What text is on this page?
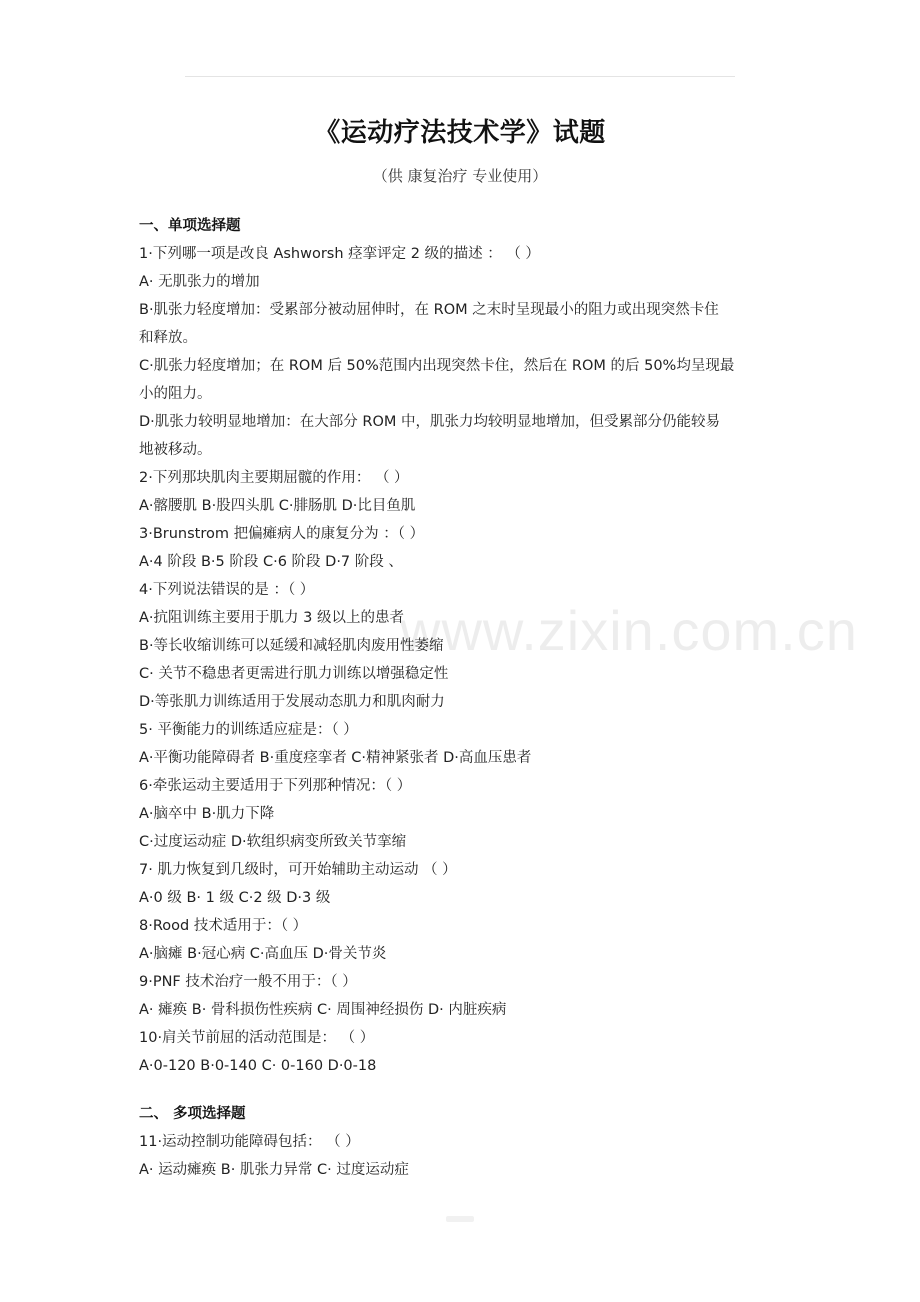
《运动疗法技术学》试题
（供 康复治疗 专业使用）
一、单项选择题
1·下列哪一项是改良 Ashworsh 痉挛评定 2 级的描述 ： （ ）
A· 无肌张力的增加
B·肌张力轻度增加：受累部分被动屈伸时，在 ROM 之末时呈现最小的阻力或出现突然卡住
和释放。
C·肌张力轻度增加；在 ROM 后 50%范围内出现突然卡住，然后在 ROM 的后 50%均呈现最
小的阻力。
D·肌张力较明显地增加：在大部分 ROM 中，肌张力均较明显地增加，但受累部分仍能较易
地被移动。
2·下列那块肌肉主要期屈髋的作用： （ ）
A·髂腰肌 B·股四头肌 C·腓肠肌 D·比目鱼肌
3·Brunstrom 把偏瘫病人的康复分为 ：（ ）
A·4 阶段 B·5 阶段 C·6 阶段 D·7 阶段 、
4·下列说法错误的是 ：（ ）
A·抗阻训练主要用于肌力 3 级以上的患者
B·等长收缩训练可以延缓和减轻肌肉废用性萎缩
C· 关节不稳患者更需进行肌力训练以增强稳定性
D·等张肌力训练适用于发展动态肌力和肌肉耐力
5· 平衡能力的训练适应症是：（ ）
A·平衡功能障碍者 B·重度痉挛者 C·精神紧张者 D·高血压患者
6·牵张运动主要适用于下列那种情况：（ ）
A·脑卒中 B·肌力下降
C·过度运动症 D·软组织病变所致关节挛缩
7· 肌力恢复到几级时，可开始辅助主动运动 （ ）
A·0 级 B· 1 级 C·2 级 D·3 级
8·Rood 技术适用于：（ ）
A·脑瘫 B·冠心病 C·高血压 D·骨关节炎
9·PNF 技术治疗一般不用于：（ ）
A· 瘫痪 B· 骨科损伤性疾病 C· 周围神经损伤 D· 内脏疾病
10·肩关节前屈的活动范围是： （ ）
A·0-120 B·0-140 C· 0-160 D·0-18
二、 多项选择题
11·运动控制功能障碍包括： （ ）
A· 运动瘫痪 B· 肌张力异常 C· 过度运动症
www.zixin.com.cn
